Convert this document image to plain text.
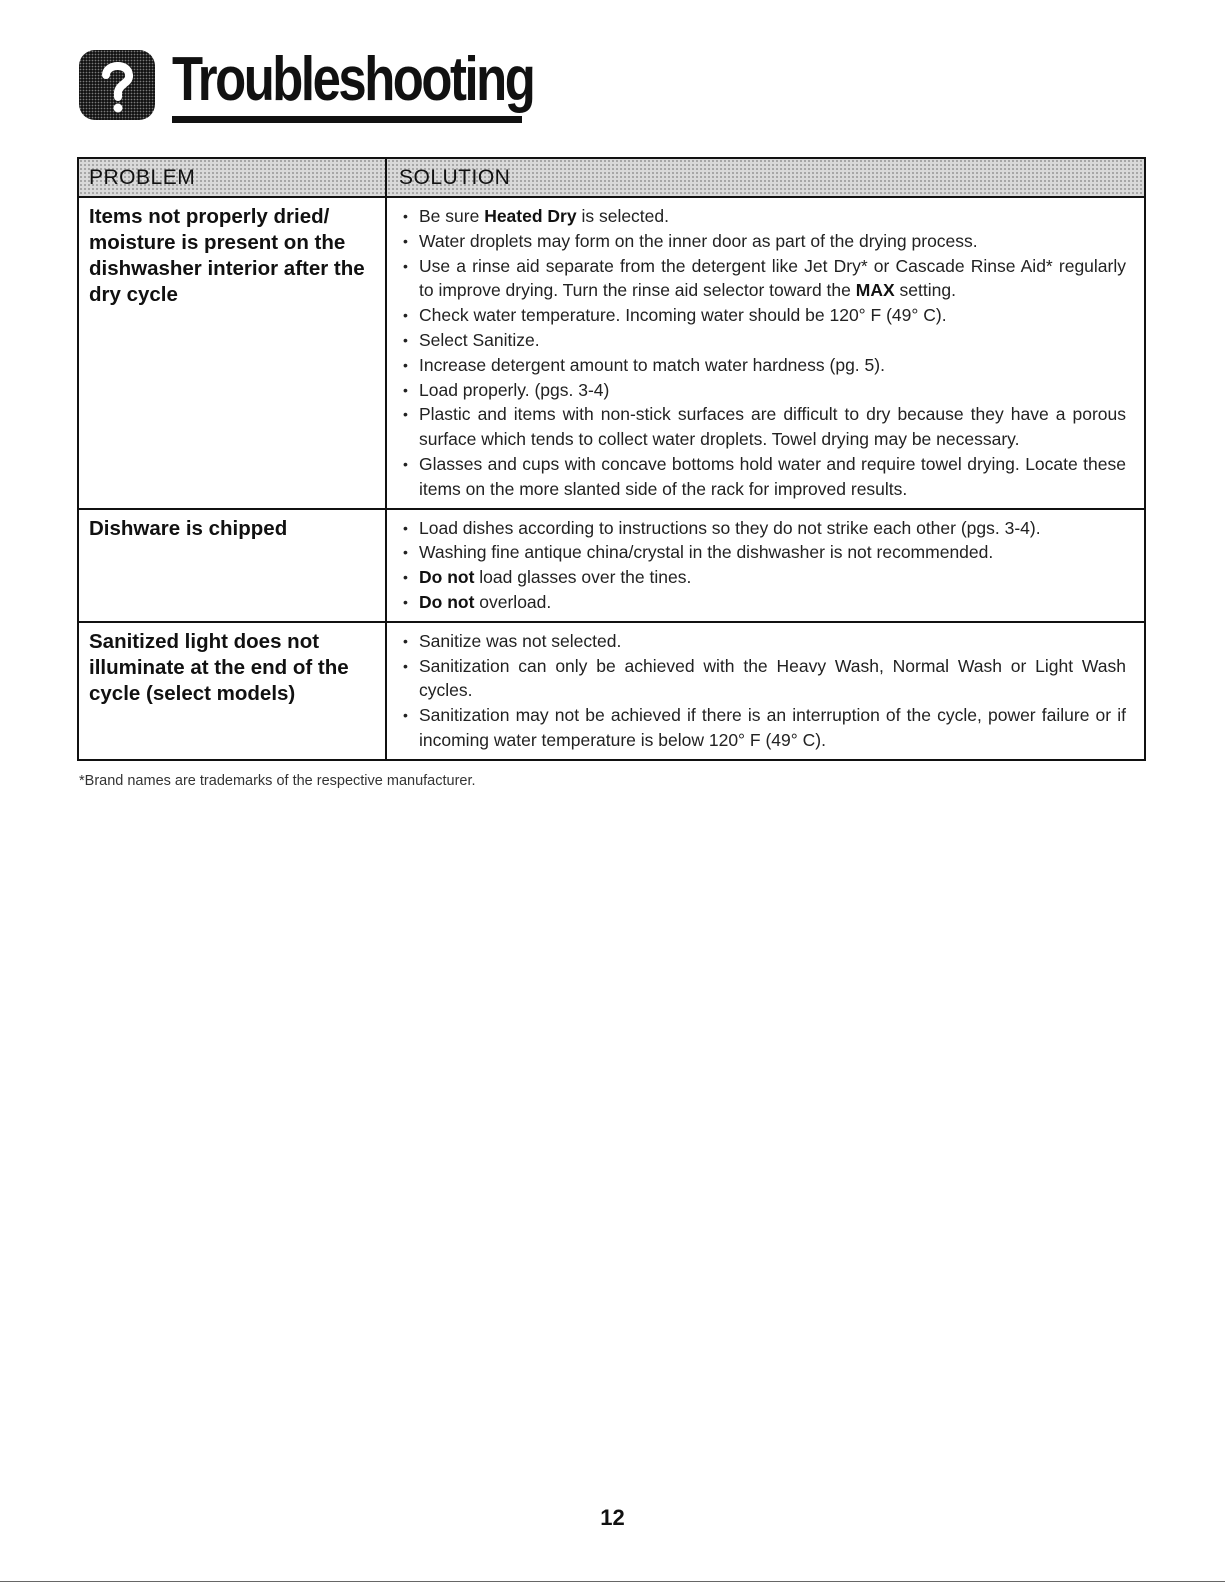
Troubleshooting
PROBLEM	SOLUTION
Items not properly dried/ moisture is present on the dishwasher interior after the dry cycle
• Be sure Heated Dry is selected.
• Water droplets may form on the inner door as part of the drying process.
• Use a rinse aid separate from the detergent like Jet Dry* or Cascade Rinse Aid* regularly to improve drying. Turn the rinse aid selector toward the MAX setting.
• Check water temperature. Incoming water should be 120° F (49° C).
• Select Sanitize.
• Increase detergent amount to match water hardness (pg. 5).
• Load properly. (pgs. 3-4)
• Plastic and items with non-stick surfaces are difficult to dry because they have a porous surface which tends to collect water droplets. Towel drying may be necessary.
• Glasses and cups with concave bottoms hold water and require towel drying. Locate these items on the more slanted side of the rack for improved results.
Dishware is chipped	• Load dishes according to instructions so they do not strike each other (pgs. 3-4).
• Washing fine antique china/crystal in the dishwasher is not recommended.
• Do not load glasses over the tines.
• Do not overload.
Sanitized light does not illuminate at the end of the cycle (select models)
• Sanitize was not selected.
• Sanitization can only be achieved with the Heavy Wash, Normal Wash or Light Wash cycles.
• Sanitization may not be achieved if there is an interruption of the cycle, power failure or if incoming water temperature is below 120° F (49° C).
*Brand names are trademarks of the respective manufacturer.
12
